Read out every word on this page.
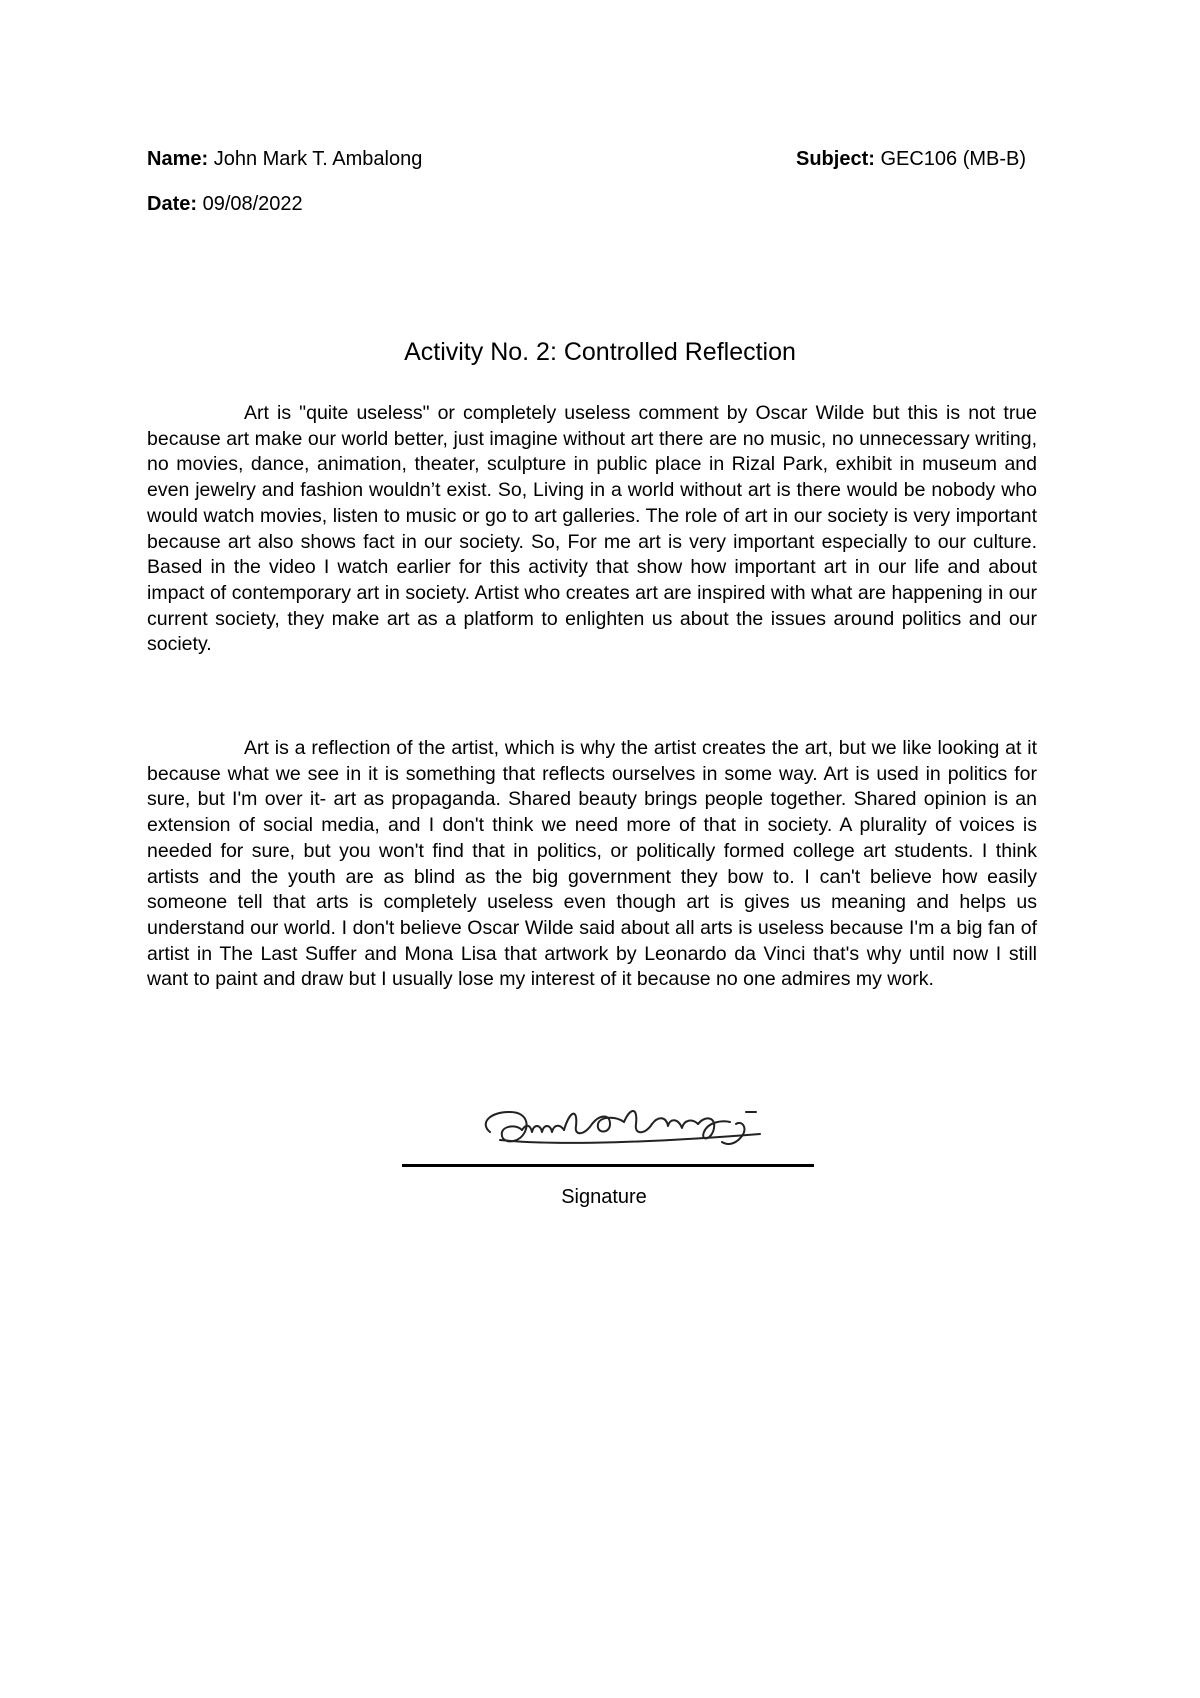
Name: John Mark T. Ambalong	Subject: GEC106 (MB-B)
Date: 09/08/2022
Activity No. 2: Controlled Reflection

Art is "quite useless" or completely useless comment by Oscar Wilde but this is not true because art make our world better, just imagine without art there are no music, no unnecessary writing, no movies, dance, animation, theater, sculpture in public place in Rizal Park, exhibit in museum and even jewelry and fashion wouldn’t exist. So, Living in a world without art is there would be nobody who would watch movies, listen to music or go to art galleries. The role of art in our society is very important because art also shows fact in our society. So, For me art is very important especially to our culture. Based in the video I watch earlier for this activity that show how important art in our life and about impact of contemporary art in society. Artist who creates art are inspired with what are happening in our current society, they make art as a platform to enlighten us about the issues around politics and our society.

Art is a reflection of the artist, which is why the artist creates the art, but we like looking at it because what we see in it is something that reflects ourselves in some way. Art is used in politics for sure, but I'm over it- art as propaganda. Shared beauty brings people together. Shared opinion is an extension of social media, and I don't think we need more of that in society. A plurality of voices is needed for sure, but you won't find that in politics, or politically formed college art students. I think artists and the youth are as blind as the big government they bow to. I can't believe how easily someone tell that arts is completely useless even though art is gives us meaning and helps us understand our world. I don't believe Oscar Wilde said about all arts is useless because I'm a big fan of artist in The Last Suffer and Mona Lisa that artwork by Leonardo da Vinci that's why until now I still want to paint and draw but I usually lose my interest of it because no one admires my work.

Signature
